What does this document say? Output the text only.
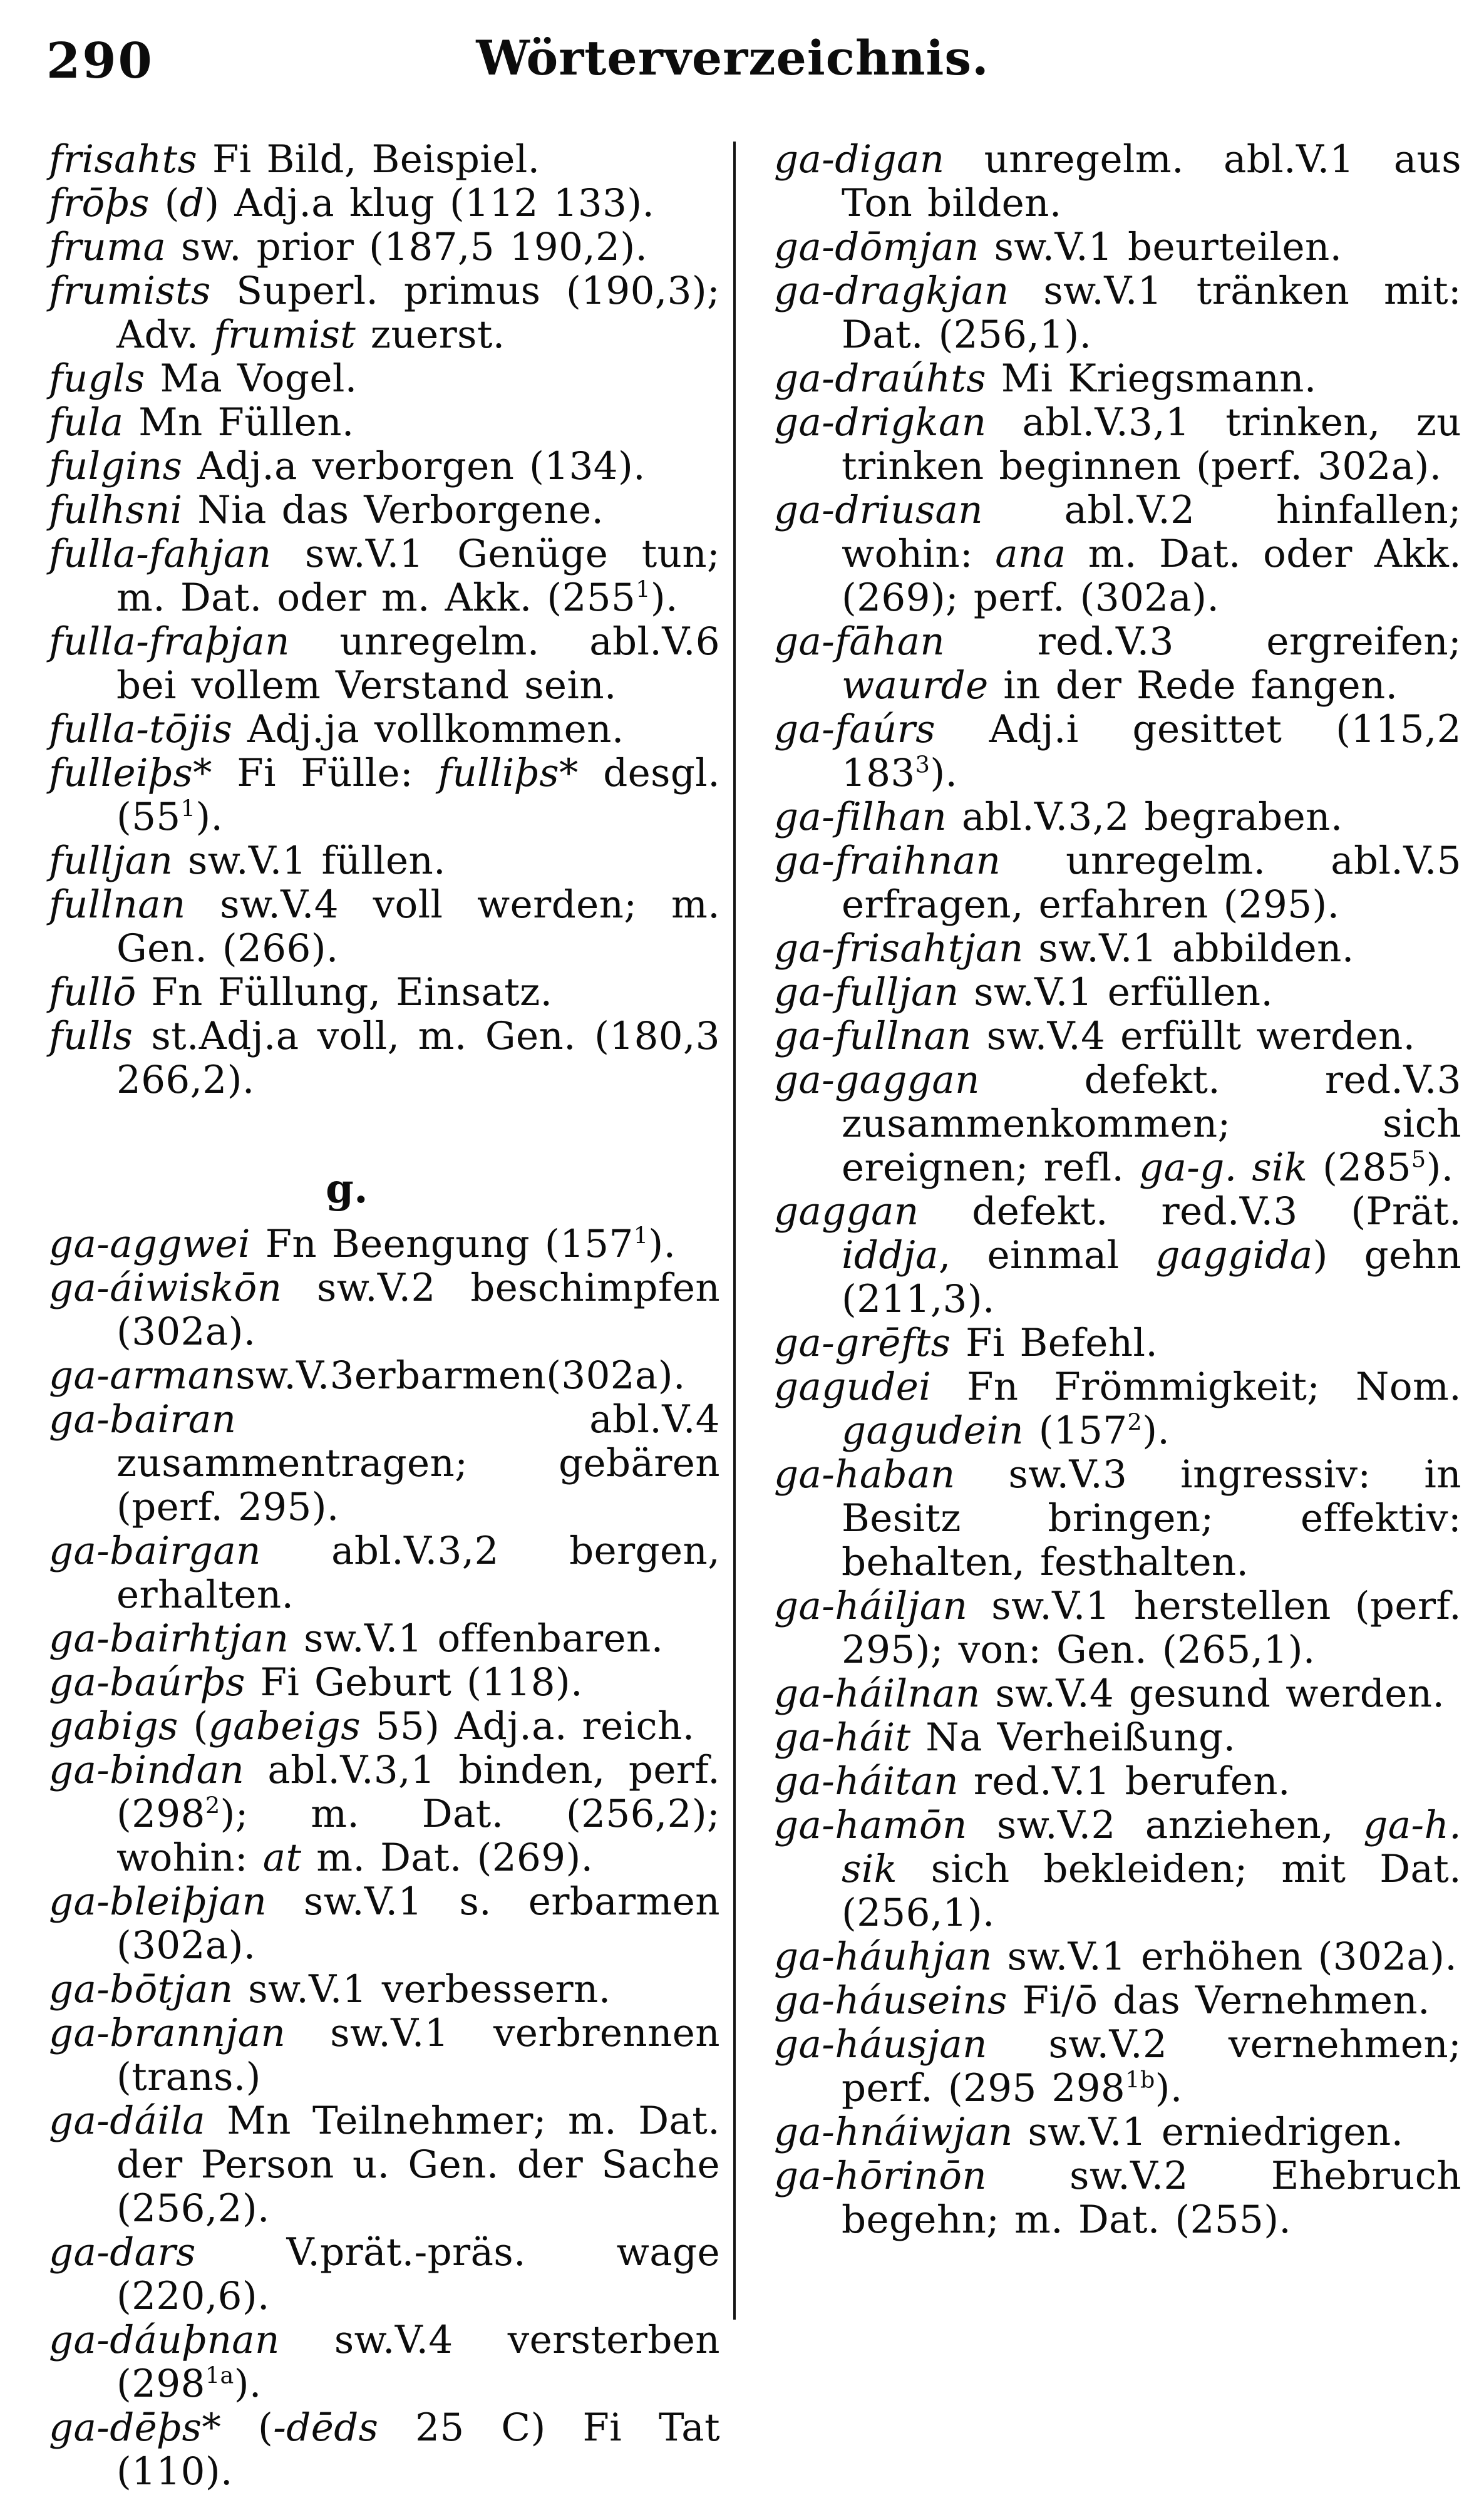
290	Wörterverzeichnis.

frisahts Fi Bild, Beispiel.

frōþs (d) Adj.a klug (112 133).

fruma sw. prior (187,5 190,2).

frumists Superl. primus (190,3); Adv. frumist zuerst.

fugls Ma Vogel.

fula Mn Füllen.

fulgins Adj.a verborgen (134).

fulhsni Nia das Verborgene.

fulla-fahjan sw.V.1 Genüge tun; m. Dat. oder m. Akk. $(255^1)$.

fulla-fraþjan unregelm. abl.V.6 bei vollem Verstand sein.

fulla-tōjis Adj.ja vollkommen.

fulleiþs* Fi Fülle: fulliþs* desgl. $(55^1)$.

fulljan sw.V.1 füllen.

fullnan sw.V.4 voll werden; m. Gen. (266).

fullō Fn Füllung, Einsatz.

fulls st.Adj.a voll, m. Gen. (180,3 266,2).

g.

ga-aggwei Fn Beengung $(157^1)$.

ga-áiwiskōn sw.V.2 beschimpfen (302a).

ga-armansw.V.3erbarmen(302a).

ga-bairan abl.V.4 zusammentragen; gebären (perf. 295).

ga-bairgan abl.V.3,2 bergen, erhalten.

ga-bairhtjan sw.V.1 offenbaren.

ga-baúrþs Fi Geburt (118).

gabigs (gabeigs 55) Adj.a. reich.

ga-bindan abl.V.3,1 binden, perf. $(298^2)$; m. Dat. (256,2); wohin: at m. Dat. (269).

ga-bleiþjan sw.V.1 s. erbarmen (302a).

ga-bōtjan sw.V.1 verbessern.

ga-brannjan sw.V.1 verbrennen (trans.)

ga-dáila Mn Teilnehmer; m. Dat. der Person u. Gen. der Sache (256,2).

ga-dars V.prät.-präs. wage (220,6).

ga-dáuþnan sw.V.4 versterben $(298^{1a})$.

ga-dēþs* (-dēds 25 C) Fi Tat (110).

ga-digan unregelm. abl.V.1 aus Ton bilden.

ga-dōmjan sw.V.1 beurteilen.

ga-dragkjan sw.V.1 tränken mit: Dat. (256,1).

ga-draúhts Mi Kriegsmann.

ga-drigkan abl.V.3,1 trinken, zu trinken beginnen (perf. 302a).

ga-driusan abl.V.2 hinfallen; wohin: ana m. Dat. oder Akk. (269); perf. (302a).

ga-fāhan red.V.3 ergreifen; waurde in der Rede fangen.

ga-faúrs Adj.i gesittet (115,2 $183^3$).

ga-filhan abl.V.3,2 begraben.

ga-fraihnan unregelm. abl.V.5 erfragen, erfahren (295).

ga-frisahtjan sw.V.1 abbilden.

ga-fulljan sw.V.1 erfüllen.

ga-fullnan sw.V.4 erfüllt werden.

ga-gaggan defekt. red.V.3 zusammenkommen; sich ereignen; refl. ga-g. sik $(285^5)$.

gaggan defekt. red.V.3 (Prät. iddja, einmal gaggida) gehn (211,3).

ga-grēfts Fi Befehl.

gagudei Fn Frömmigkeit; Nom. gagudein $(157^2)$.

ga-haban sw.V.3 ingressiv: in Besitz bringen; effektiv: behalten, festhalten.

ga-háiljan sw.V.1 herstellen (perf. 295); von: Gen. (265,1).

ga-háilnan sw.V.4 gesund werden.

ga-háit Na Verheißung.

ga-háitan red.V.1 berufen.

ga-hamōn sw.V.2 anziehen, ga-h. sik sich bekleiden; mit Dat. (256,1).

ga-háuhjan sw.V.1 erhöhen (302a).

ga-háuseins Fi/ō das Vernehmen.

ga-háusjan sw.V.2 vernehmen; perf. (295 $298^{1b}$).

ga-hnáiwjan sw.V.1 erniedrigen.

ga-hōrinōn sw.V.2 Ehebruch begehn; m. Dat. (255).
